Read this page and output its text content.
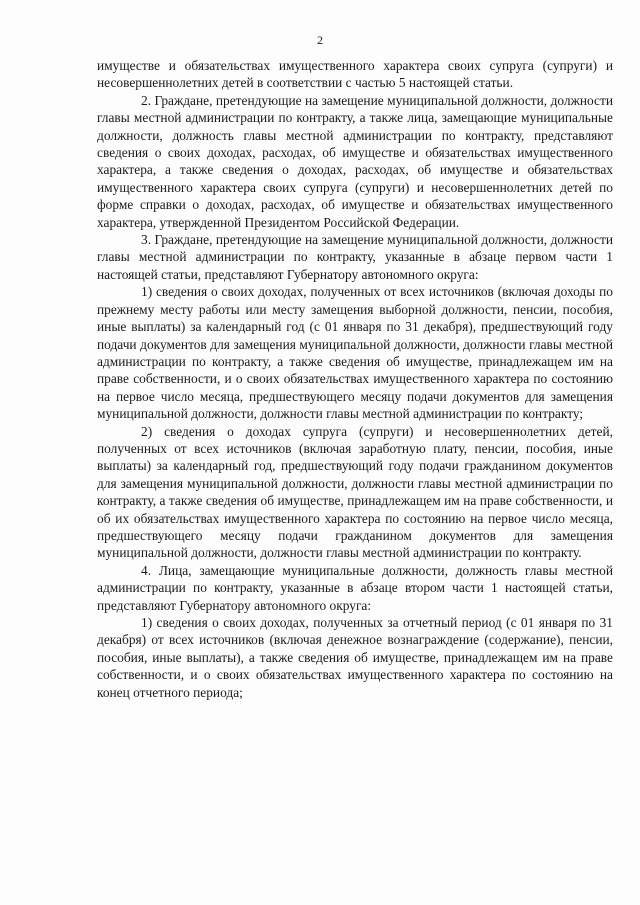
2

имуществе и обязательствах имущественного характера своих супруга (супруги) и несовершеннолетних детей в соответствии с частью 5 настоящей статьи.

2. Граждане, претендующие на замещение муниципальной должности, должности главы местной администрации по контракту, а также лица, замещающие муниципальные должности, должность главы местной администрации по контракту, представляют сведения о своих доходах, расходах, об имуществе и обязательствах имущественного характера, а также сведения о доходах, расходах, об имуществе и обязательствах имущественного характера своих супруга (супруги) и несовершеннолетних детей по форме справки о доходах, расходах, об имуществе и обязательствах имущественного характера, утвержденной Президентом Российской Федерации.

3. Граждане, претендующие на замещение муниципальной должности, должности главы местной администрации по контракту, указанные в абзаце первом части 1 настоящей статьи, представляют Губернатору автономного округа:

1) сведения о своих доходах, полученных от всех источников (включая доходы по прежнему месту работы или месту замещения выборной должности, пенсии, пособия, иные выплаты) за календарный год (с 01 января по 31 декабря), предшествующий году подачи документов для замещения муниципальной должности, должности главы местной администрации по контракту, а также сведения об имуществе, принадлежащем им на праве собственности, и о своих обязательствах имущественного характера по состоянию на первое число месяца, предшествующего месяцу подачи документов для замещения муниципальной должности, должности главы местной администрации по контракту;

2) сведения о доходах супруга (супруги) и несовершеннолетних детей, полученных от всех источников (включая заработную плату, пенсии, пособия, иные выплаты) за календарный год, предшествующий году подачи гражданином документов для замещения муниципальной должности, должности главы местной администрации по контракту, а также сведения об имуществе, принадлежащем им на праве собственности, и об их обязательствах имущественного характера по состоянию на первое число месяца, предшествующего месяцу подачи гражданином документов для замещения муниципальной должности, должности главы местной администрации по контракту.

4. Лица, замещающие муниципальные должности, должность главы местной администрации по контракту, указанные в абзаце втором части 1 настоящей статьи, представляют Губернатору автономного округа:

1) сведения о своих доходах, полученных за отчетный период (с 01 января по 31 декабря) от всех источников (включая денежное вознаграждение (содержание), пенсии, пособия, иные выплаты), а также сведения об имуществе, принадлежащем им на праве собственности, и о своих обязательствах имущественного характера по состоянию на конец отчетного периода;
